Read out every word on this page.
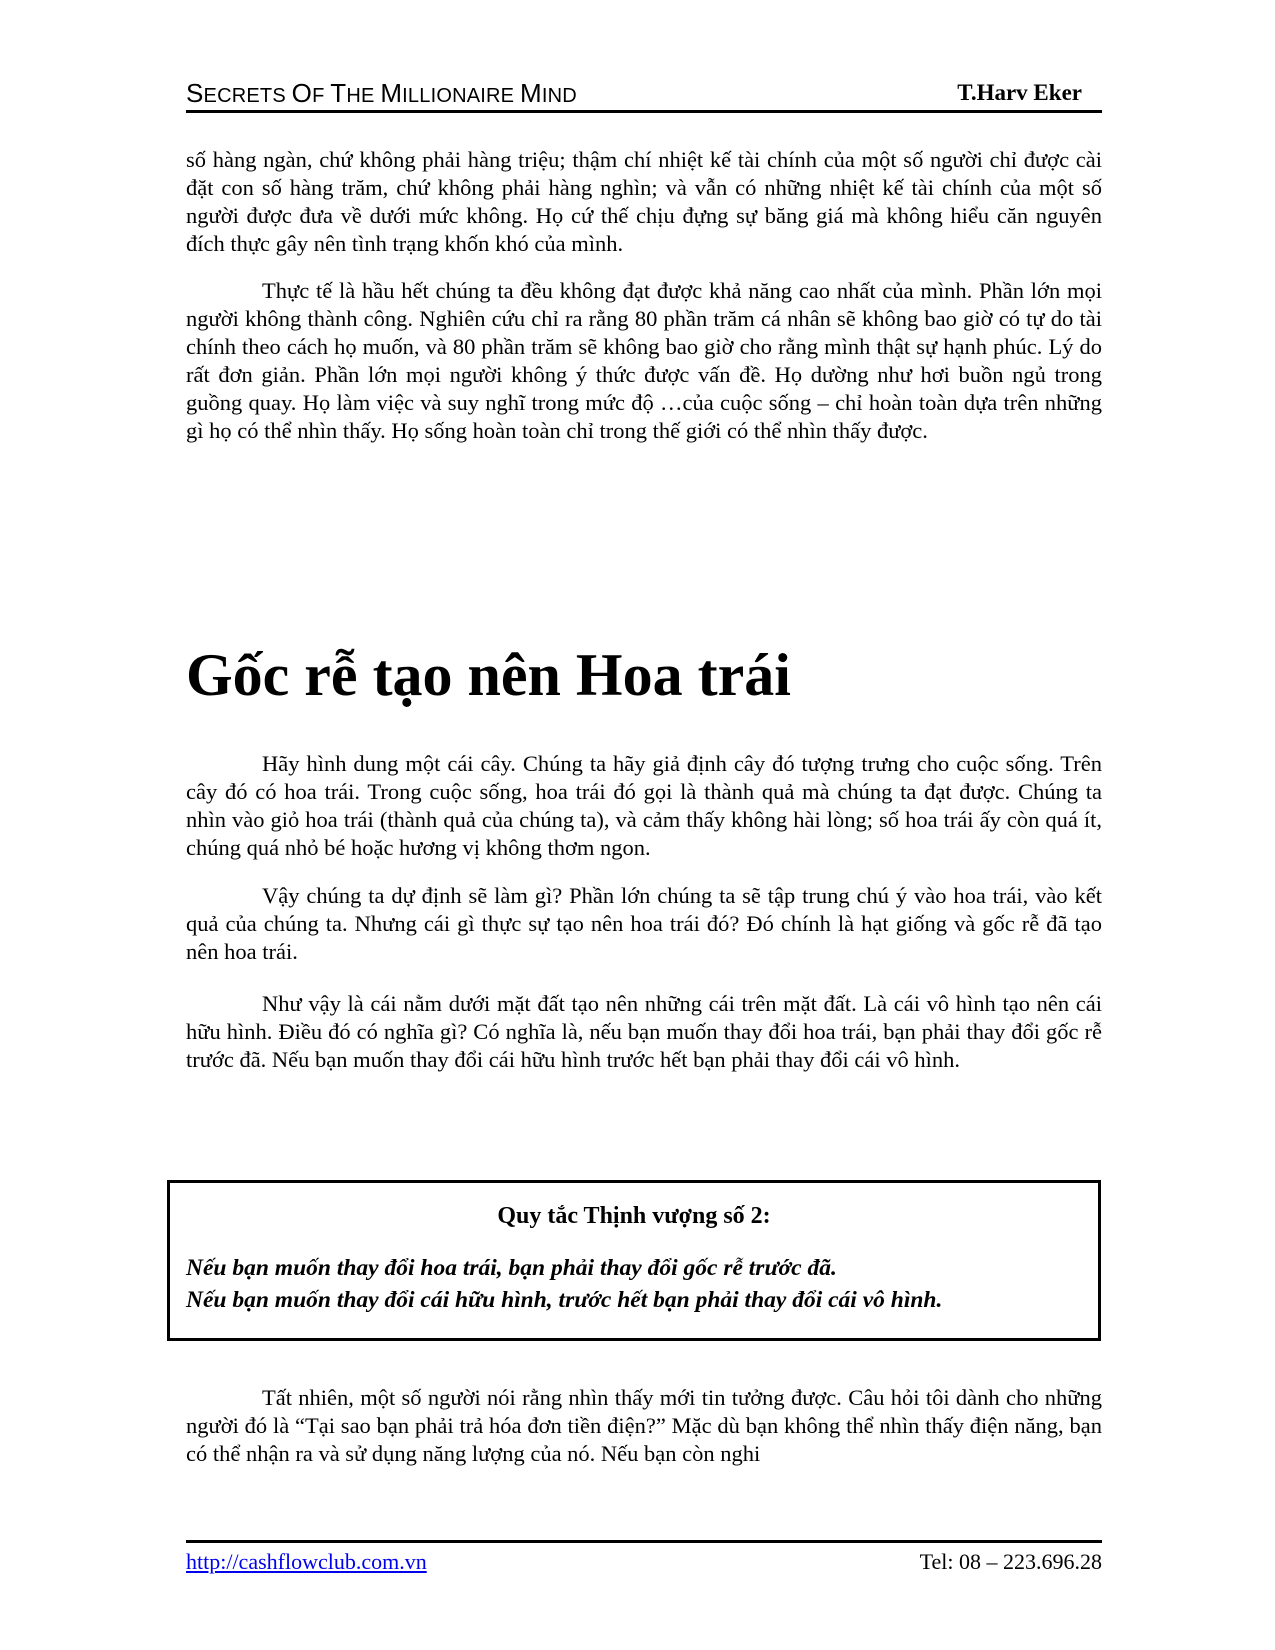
SECRETS OF THE MILLIONAIRE MIND	T.Harv Eker
số hàng ngàn, chứ không phải hàng triệu; thậm chí nhiệt kế tài chính của một số người chỉ được cài đặt con số hàng trăm, chứ không phải hàng nghìn; và vẫn có những nhiệt kế tài chính của một số người được đưa về dưới mức không. Họ cứ thế chịu đựng sự băng giá mà không hiểu căn nguyên đích thực gây nên tình trạng khốn khó của mình.
Thực tế là hầu hết chúng ta đều không đạt được khả năng cao nhất của mình. Phần lớn mọi người không thành công. Nghiên cứu chỉ ra rằng 80 phần trăm cá nhân sẽ không bao giờ có tự do tài chính theo cách họ muốn, và 80 phần trăm sẽ không bao giờ cho rằng mình thật sự hạnh phúc. Lý do rất đơn giản. Phần lớn mọi người không ý thức được vấn đề. Họ dường như hơi buồn ngủ trong guồng quay. Họ làm việc và suy nghĩ trong mức độ …của cuộc sống – chỉ hoàn toàn dựa trên những gì họ có thể nhìn thấy. Họ sống hoàn toàn chỉ trong thế giới có thể nhìn thấy được.
Gốc rễ tạo nên Hoa trái
Hãy hình dung một cái cây. Chúng ta hãy giả định cây đó tượng trưng cho cuộc sống. Trên cây đó có hoa trái. Trong cuộc sống, hoa trái đó gọi là thành quả mà chúng ta đạt được. Chúng ta nhìn vào giỏ hoa trái (thành quả của chúng ta), và cảm thấy không hài lòng; số hoa trái ấy còn quá ít, chúng quá nhỏ bé hoặc hương vị không thơm ngon.
Vậy chúng ta dự định sẽ làm gì? Phần lớn chúng ta sẽ tập trung chú ý vào hoa trái, vào kết quả của chúng ta. Nhưng cái gì thực sự tạo nên hoa trái đó? Đó chính là hạt giống và gốc rễ đã tạo nên hoa trái.
Như vậy là cái nằm dưới mặt đất tạo nên những cái trên mặt đất. Là cái vô hình tạo nên cái hữu hình. Điều đó có nghĩa gì? Có nghĩa là, nếu bạn muốn thay đổi hoa trái, bạn phải thay đổi gốc rễ trước đã. Nếu bạn muốn thay đổi cái hữu hình trước hết bạn phải thay đổi cái vô hình.
Quy tắc Thịnh vượng số 2:
Nếu bạn muốn thay đổi hoa trái, bạn phải thay đổi gốc rễ trước đã.
Nếu bạn muốn thay đổi cái hữu hình, trước hết bạn phải thay đổi cái vô hình.
Tất nhiên, một số người nói rằng nhìn thấy mới tin tưởng được. Câu hỏi tôi dành cho những người đó là “Tại sao bạn phải trả hóa đơn tiền điện?” Mặc dù bạn không thể nhìn thấy điện năng, bạn có thể nhận ra và sử dụng năng lượng của nó. Nếu bạn còn nghi
http://cashflowclub.com.vn	Tel: 08 – 223.696.28
